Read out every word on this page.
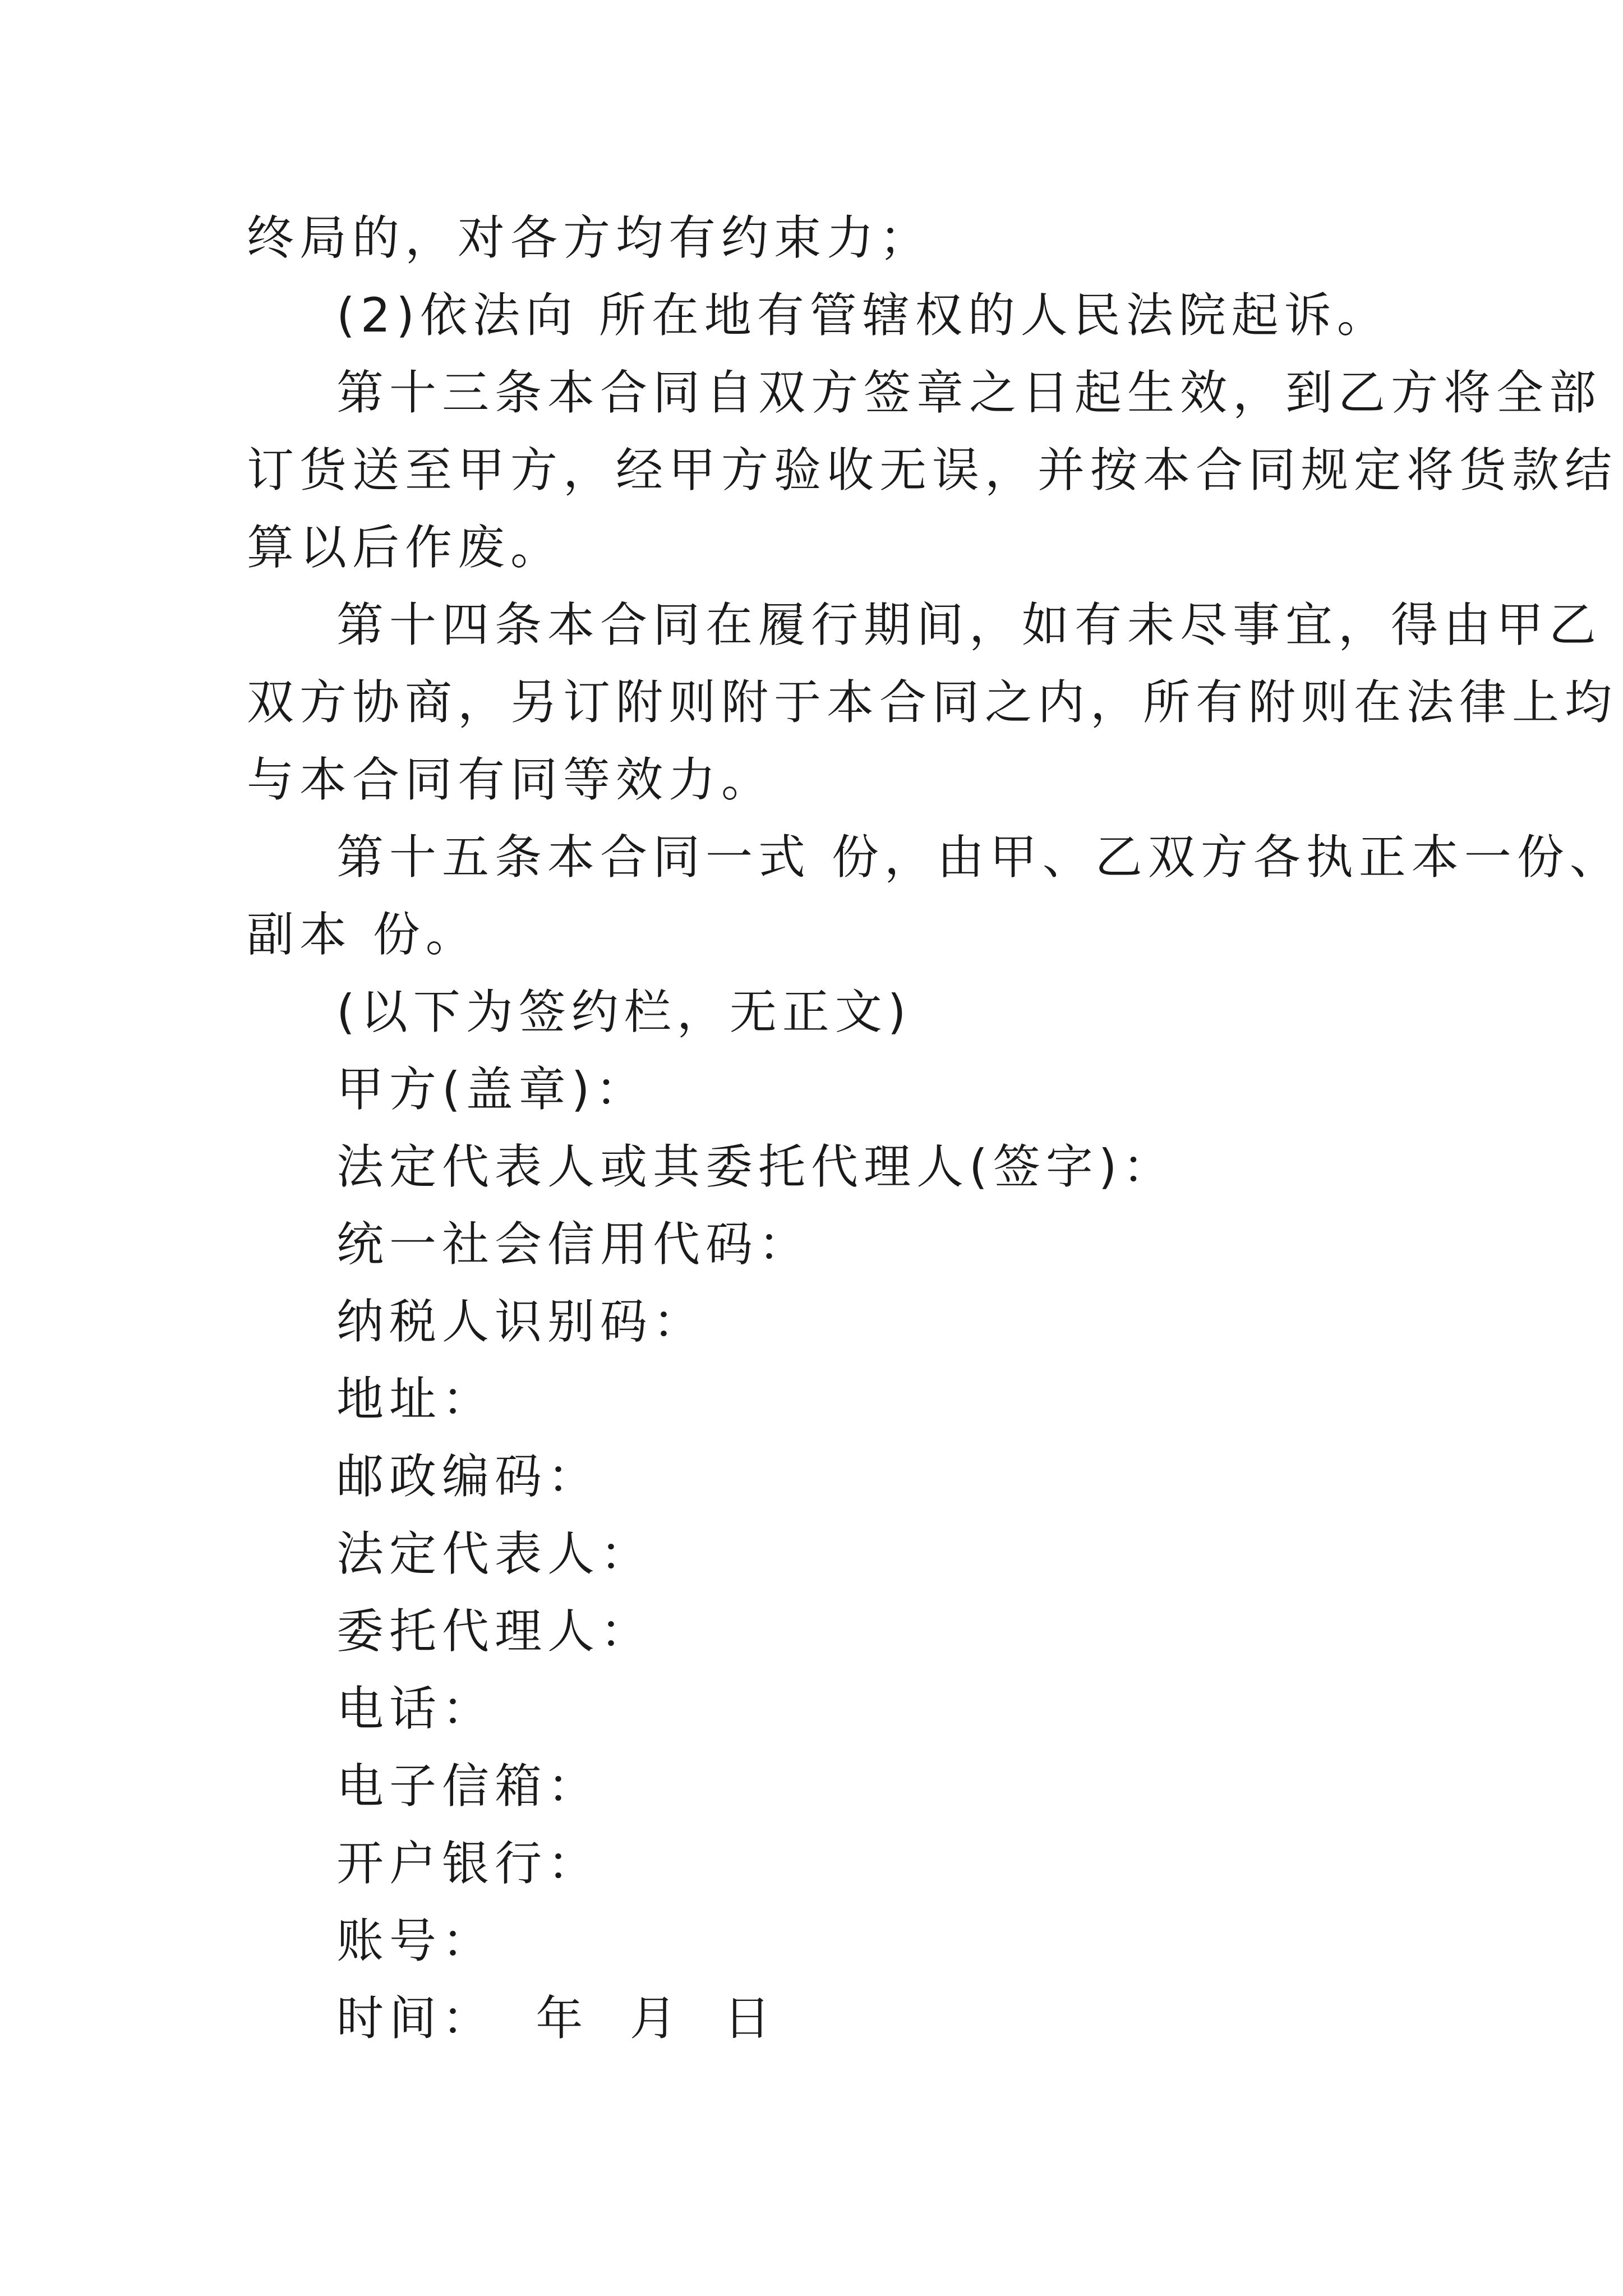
终局的，对各方均有约束力；
(2)依法向 所在地有管辖权的人民法院起诉。
第十三条本合同自双方签章之日起生效，到乙方将全部
订货送至甲方，经甲方验收无误，并按本合同规定将货款结
算以后作废。
第十四条本合同在履行期间，如有未尽事宜，得由甲乙
双方协商，另订附则附于本合同之内，所有附则在法律上均
与本合同有同等效力。
第十五条本合同一式 份，由甲、乙双方各执正本一份、
副本 份。
(以下为签约栏，无正文)
甲方(盖章)：
法定代表人或其委托代理人(签字)：
统一社会信用代码：
纳税人识别码：
地址：
邮政编码：
法定代表人：
委托代理人：
电话：
电子信箱：
开户银行：
账号：
时间：  年  月  日
